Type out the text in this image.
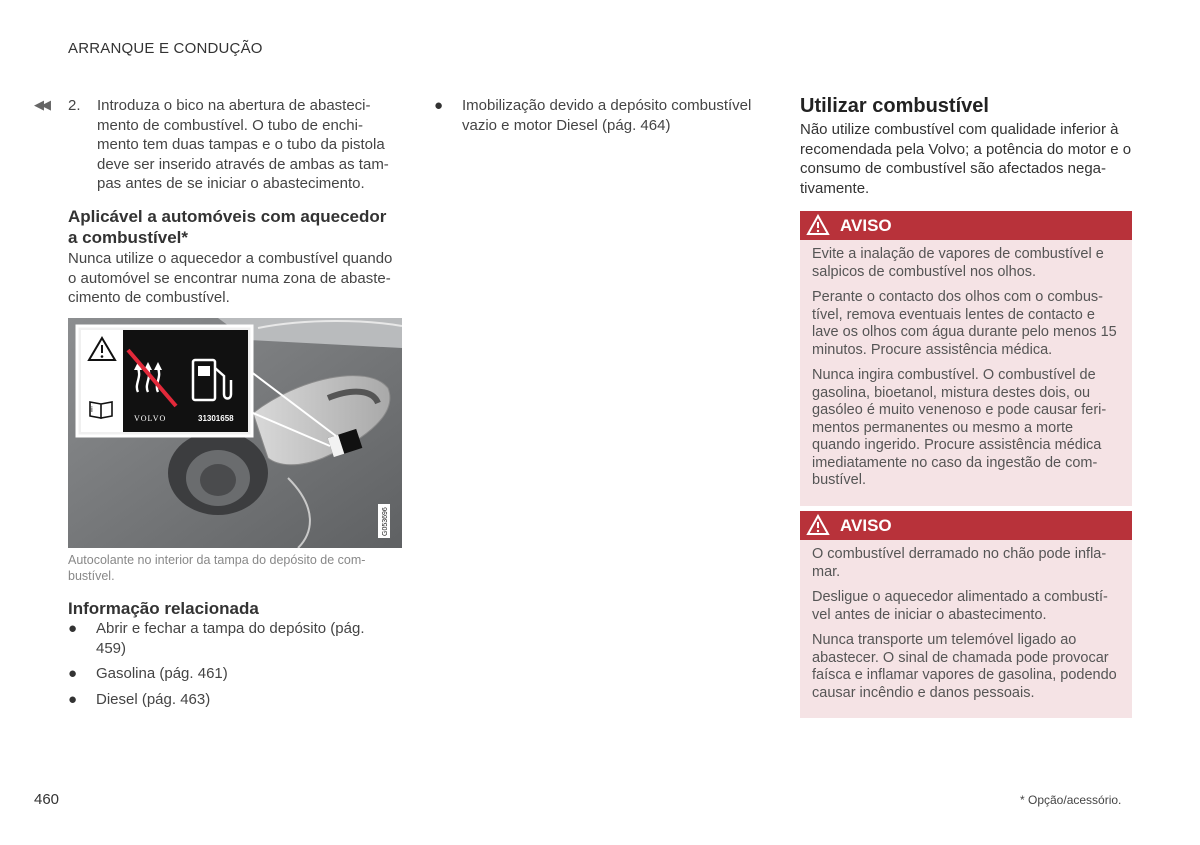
ARRANQUE E CONDUÇÃO
◀◀ 2. Introduza o bico na abertura de abasteci-mento de combustível. O tubo de enchi-mento tem duas tampas e o tubo da pistola deve ser inserido através de ambas as tam-pas antes de se iniciar o abastecimento.
Aplicável a automóveis com aquecedor a combustível*
Nunca utilize o aquecedor a combustível quando o automóvel se encontrar numa zona de abaste-cimento de combustível.
i
VOLVO	31301658
G053696
Autocolante no interior da tampa do depósito de com-bustível.
Informação relacionada
● Abrir e fechar a tampa do depósito (pág. 459)
● Gasolina (pág. 461)
● Diesel (pág. 463)
● Imobilização devido a depósito combustível vazio e motor Diesel (pág. 464)
Utilizar combustível
Não utilize combustível com qualidade inferior à recomendada pela Volvo; a potência do motor e o consumo de combustível são afectados nega-tivamente.
AVISO

Evite a inalação de vapores de combustível e salpicos de combustível nos olhos.

Perante o contacto dos olhos com o combus-tível, remova eventuais lentes de contacto e lave os olhos com água durante pelo menos 15 minutos. Procure assistência médica.

Nunca ingira combustível. O combustível de gasolina, bioetanol, mistura destes dois, ou gasóleo é muito venenoso e pode causar feri-mentos permanentes ou mesmo a morte quando ingerido. Procure assistência médica imediatamente no caso da ingestão de com-bustível.

AVISO

O combustível derramado no chão pode infla-mar.

Desligue o aquecedor alimentado a combustí-vel antes de iniciar o abastecimento.

Nunca transporte um telemóvel ligado ao abastecer. O sinal de chamada pode provocar faísca e inflamar vapores de gasolina, podendo causar incêndio e danos pessoais.

460	* Opção/acessório.
